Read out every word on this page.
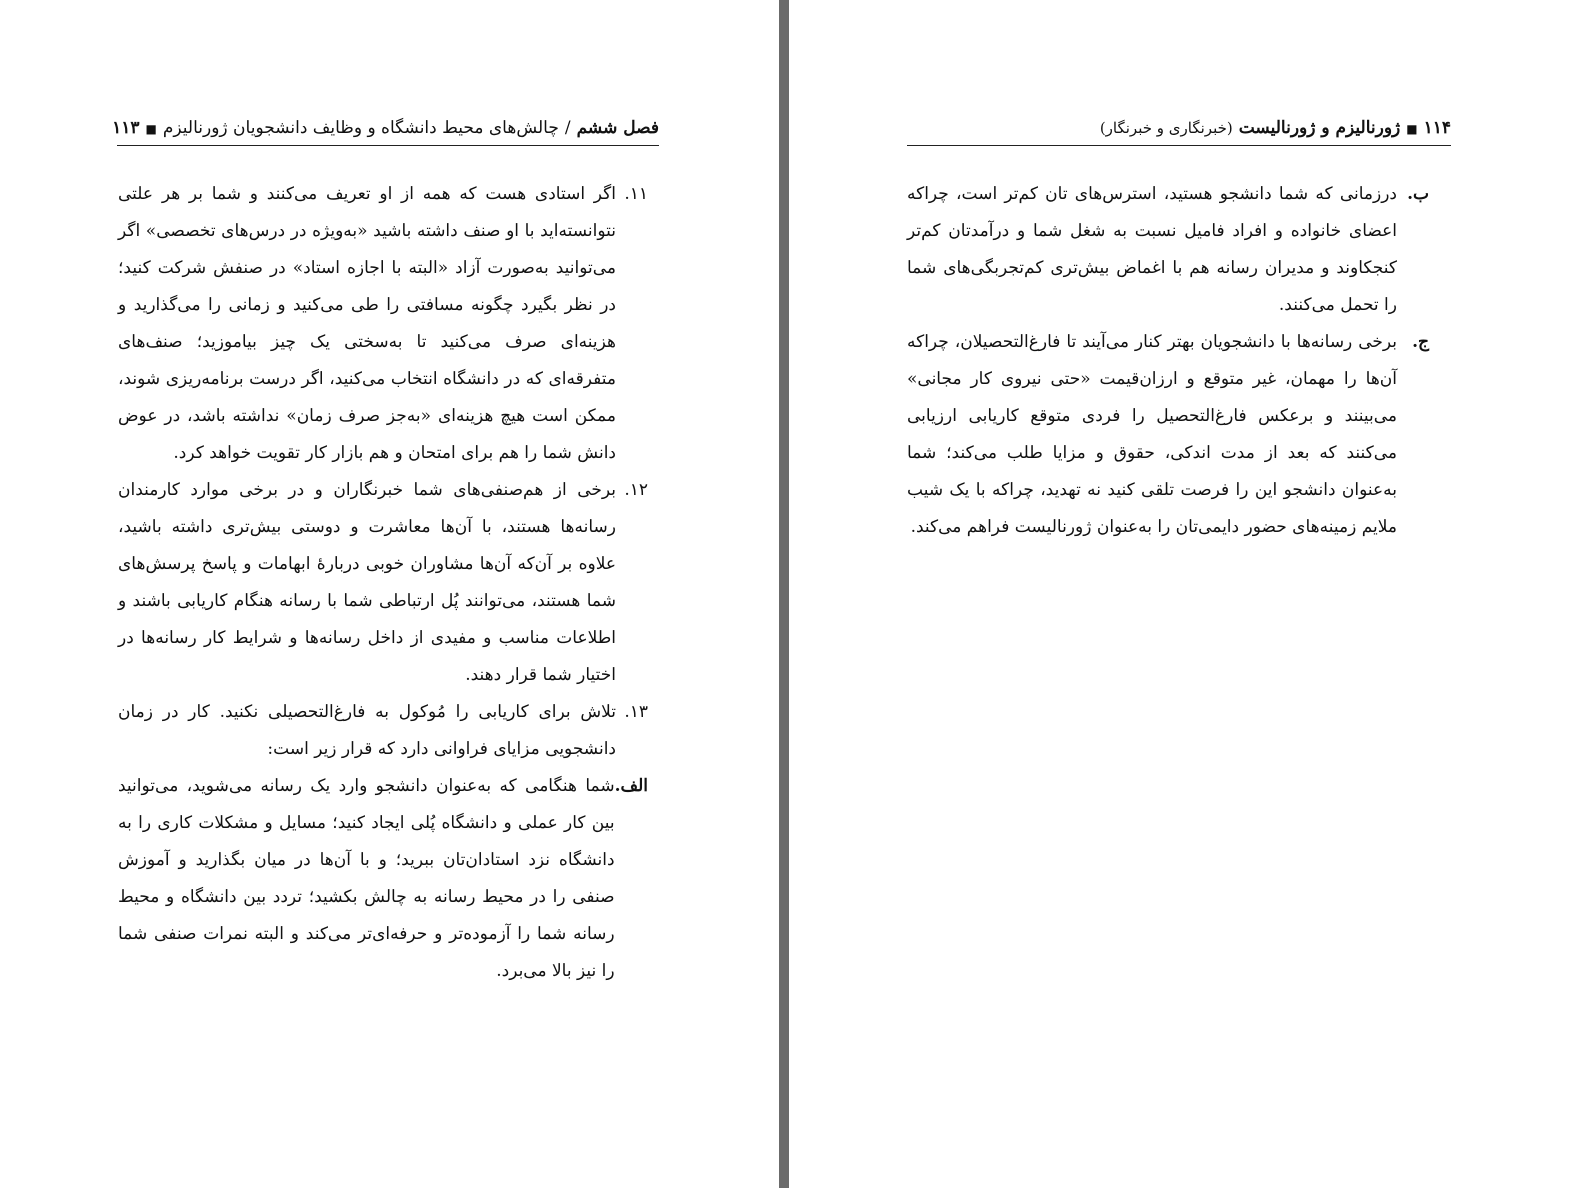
فصل ششم
/
چالش‌های محیط دانشگاه و وظایف دانشجویان ژورنالیزم
■
۱۱۳
۱۱.
اگر استادی هست که همه از او تعریف می‌کنند و شما بر هر علتی نتوانسته‌اید با او صنف داشته باشید «به‌ویژه در درس‌های تخصصی» اگر می‌توانید به‌صورت آزاد «البته با اجازه استاد» در صنفش شرکت کنید؛ در نظر بگیرد چگونه مسافتی را طی می‌کنید و زمانی را می‌گذارید و هزینه‌ای صرف می‌کنید تا به‌سختی یک چیز بیاموزید؛ صنف‌های متفرقه‌ای که در دانشگاه انتخاب می‌کنید، اگر درست برنامه‌ریزی شوند، ممکن است هیچ هزینه‌ای «به‌جز صرف زمان» نداشته باشد، در عوض دانش شما را هم برای امتحان و هم بازار کار تقویت خواهد کرد.
۱۲.
برخی از هم‌صنفی‌های شما خبرنگاران و در برخی موارد کارمندان رسانه‌ها هستند، با آن‌ها معاشرت و دوستی بیش‌تری داشته باشید، علاوه بر آن‌که آن‌ها مشاوران خوبی دربارهٔ ابهامات و پاسخ پرسش‌های شما هستند، می‌توانند پُل ارتباطی شما با رسانه هنگام کاریابی باشند و اطلاعات مناسب و مفیدی از داخل رسانه‌ها و شرایط کار رسانه‌ها در اختیار شما قرار دهند.
۱۳.
تلاش برای کاریابی را مُوکول به فارغ‌التحصیلی نکنید. کار در زمان دانشجویی مزایای فراوانی دارد که قرار زیر است:
الف.
شما هنگامی که به‌عنوان دانشجو وارد یک رسانه می‌شوید، می‌توانید بین کار عملی و دانشگاه پُلی ایجاد کنید؛ مسایل و مشکلات کاری را به دانشگاه نزد استادان‌تان ببرید؛ و با آن‌ها در میان بگذارید و آموزش صنفی را در محیط رسانه به چالش بکشید؛ تردد بین دانشگاه و محیط رسانه شما را آزموده‌تر و حرفه‌ای‌تر می‌کند و البته نمرات صنفی شما را نیز بالا می‌برد.
۱۱۴
■
ژورنالیزم و ژورنالیست
(خبرنگاری و خبرنگار)
ب.
درزمانی که شما دانشجو هستید، استرس‌های تان کم‌تر است، چراکه اعضای خانواده و افراد فامیل نسبت به شغل شما و درآمدتان کم‌تر کنجکاوند و مدیران رسانه هم با اغماض بیش‌تری کم‌تجربگی‌های شما را تحمل می‌کنند.
ج.
برخی رسانه‌ها با دانشجویان بهتر کنار می‌آیند تا فارغ‌التحصیلان، چراکه آن‌ها را مهمان، غیر متوقع و ارزان‌قیمت «حتی نیروی کار مجانی» می‌بینند و برعکس فارغ‌التحصیل را فردی متوقع کاریابی ارزیابی می‌کنند که بعد از مدت اندکی، حقوق و مزایا طلب می‌کند؛ شما به‌عنوان دانشجو این را فرصت تلقی کنید نه تهدید، چراکه با یک شیب ملایم زمینه‌های حضور دایمی‌تان را به‌عنوان ژورنالیست فراهم می‌کند.
